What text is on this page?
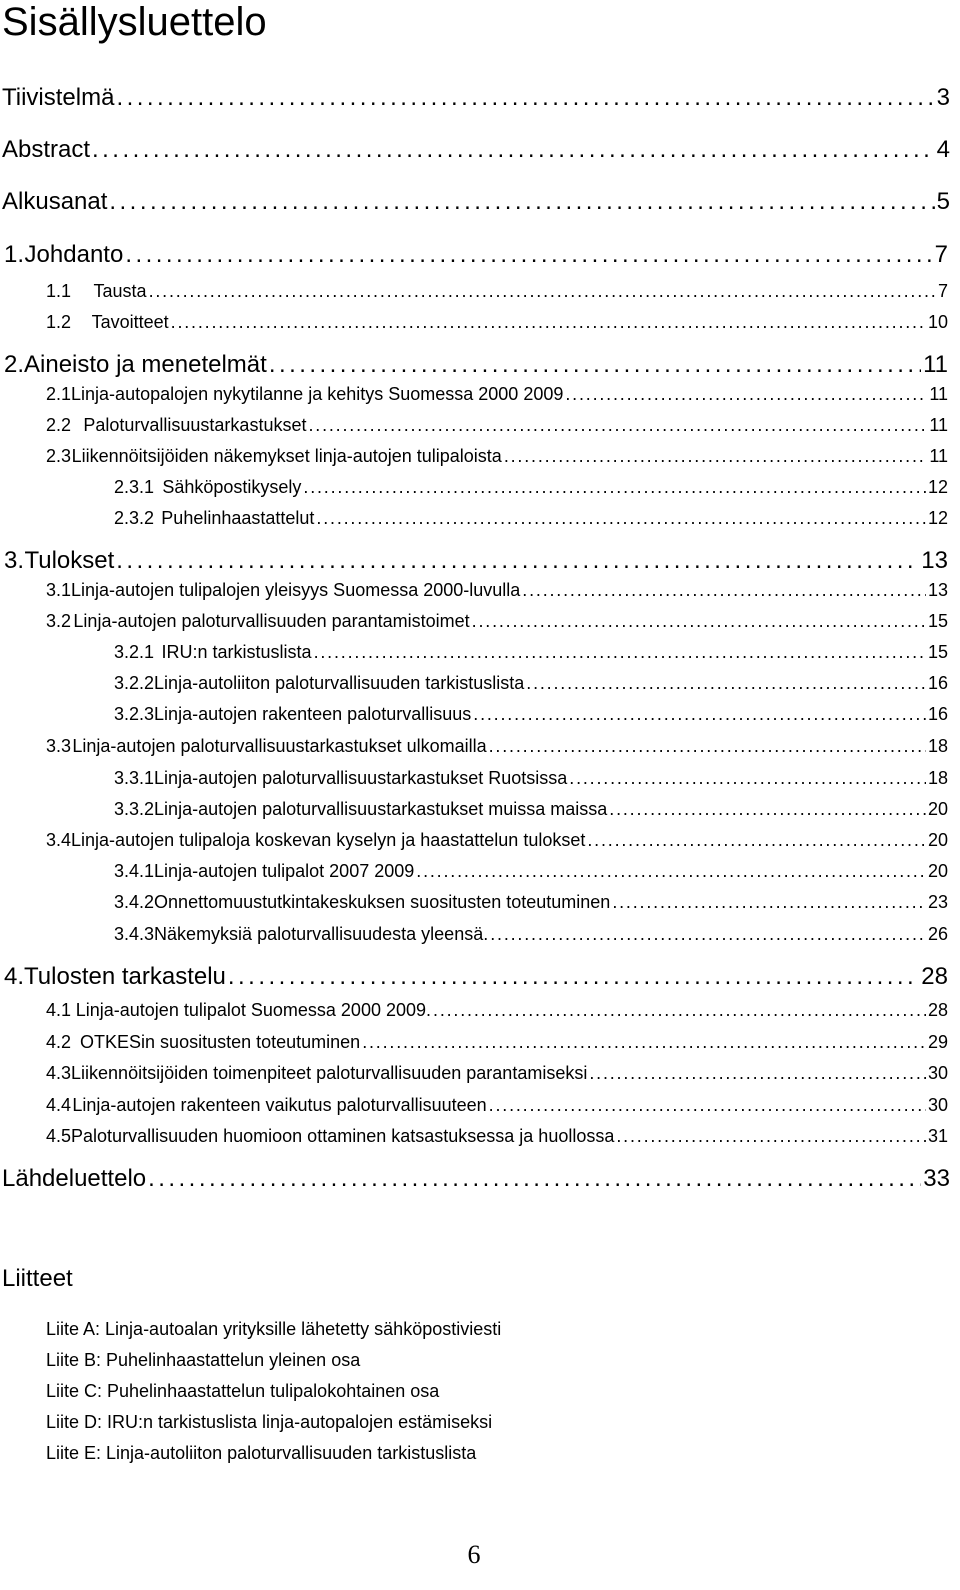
Sisällysluettelo
Tiivistelmä . . .	3
Abstract . . .	4
Alkusanat . . .	5
1. Johdanto . . .	7
1.1	Tausta . . .	7
1.2	Tavoitteet . . .	10
2. Aineisto ja menetelmät . . .	11
2.1 Linja-autopalojen nykytilanne ja kehitys Suomessa 2000 2009 . . .	11
2.2 Paloturvallisuustarkastukset . . .	11
2.3 Liikennöitsijöiden näkemykset linja-autojen tulipaloista . . .	11
2.3.1 Sähköpostikysely . . .	12
2.3.2 Puhelinhaastattelut . . .	12
3. Tulokset . . .	13
3.1 Linja-autojen tulipalojen yleisyys Suomessa 2000-luvulla . . .	13
3.2 Linja-autojen paloturvallisuuden parantamistoimet . . .	15
3.2.1 IRU:n tarkistuslista . . .	15
3.2.2 Linja-autoliiton paloturvallisuuden tarkistuslista . . .	16
3.2.3 Linja-autojen rakenteen paloturvallisuus . . .	16
3.3 Linja-autojen paloturvallisuustarkastukset ulkomailla . . .	18
3.3.1 Linja-autojen paloturvallisuustarkastukset Ruotsissa . . .	18
3.3.2 Linja-autojen paloturvallisuustarkastukset muissa maissa . . .	20
3.4 Linja-autojen tulipaloja koskevan kyselyn ja haastattelun tulokset . . .	20
3.4.1 Linja-autojen tulipalot 2007 2009 . . .	20
3.4.2 Onnettomuustutkintakeskuksen suositusten toteutuminen . . .	23
3.4.3 Näkemyksiä paloturvallisuudesta yleensä. . . .	26
4. Tulosten tarkastelu . . .	28
4.1 Linja-autojen tulipalot Suomessa 2000 2009. . . .	28
4.2 OTKESin suositusten toteutuminen . . .	29
4.3 Liikennöitsijöiden toimenpiteet paloturvallisuuden parantamiseksi . . .	30
4.4 Linja-autojen rakenteen vaikutus paloturvallisuuteen . . .	30
4.5 Paloturvallisuuden huomioon ottaminen katsastuksessa ja huollossa . . .	31
Lähdeluettelo . . .	33
Liitteet
Liite A: Linja-autoalan yrityksille lähetetty sähköpostiviesti
Liite B: Puhelinhaastattelun yleinen osa
Liite C: Puhelinhaastattelun tulipalokohtainen osa
Liite D: IRU:n tarkistuslista linja-autopalojen estämiseksi
Liite E: Linja-autoliiton paloturvallisuuden tarkistuslista
6
